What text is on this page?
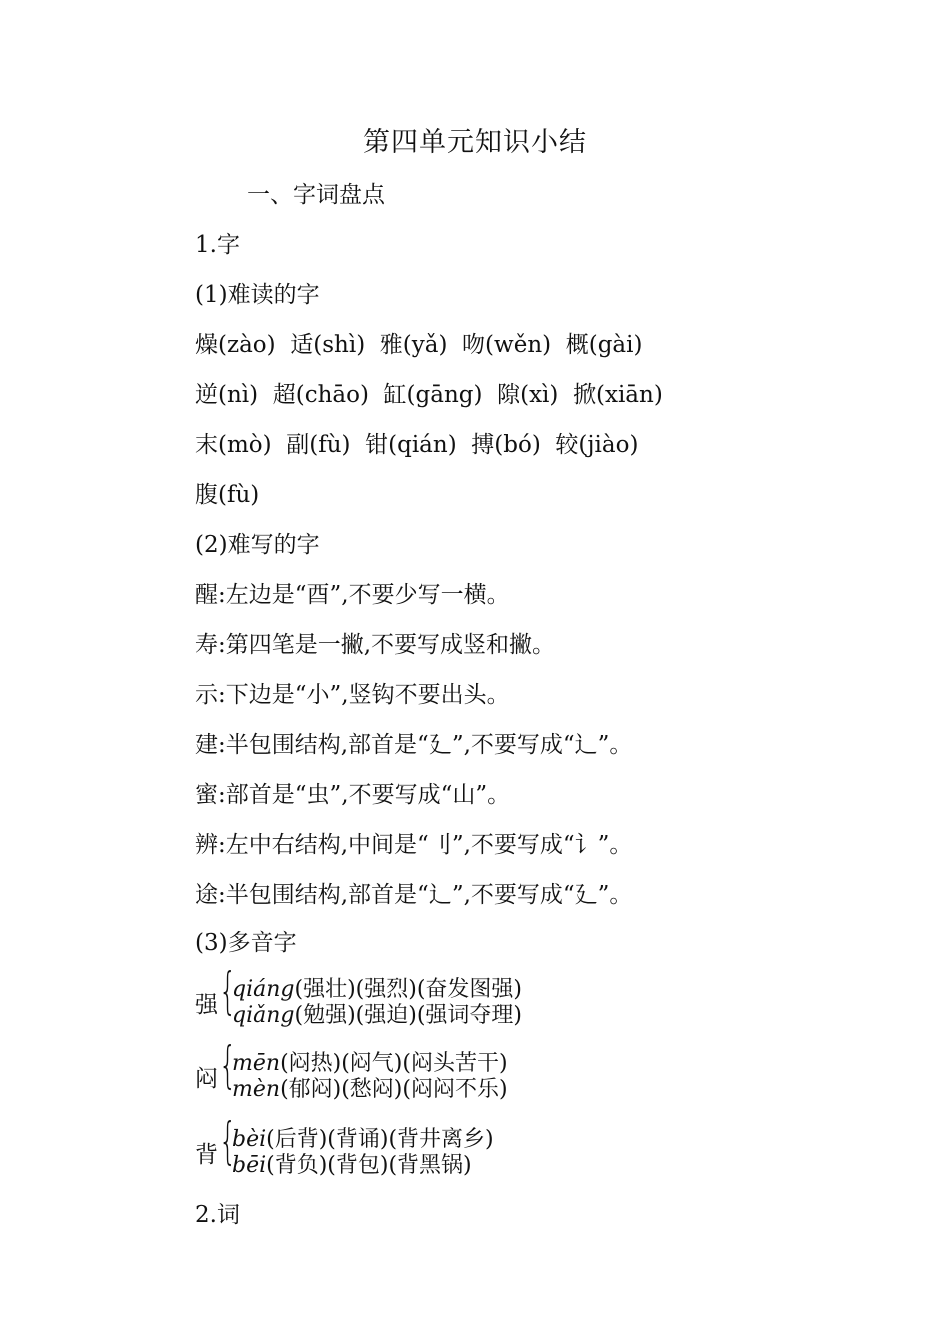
第四单元知识小结
一、字词盘点
1.字
(1)难读的字
燥(zào)  适(shì)  雅(yǎ)  吻(wěn)  概(gài)
逆(nì)  超(chāo)  缸(gāng)  隙(xì)  掀(xiān)
末(mò)  副(fù)  钳(qián)  搏(bó)  较(jiào)
腹(fù)
(2)难写的字
醒:左边是“酉”,不要少写一横。
寿:第四笔是一撇,不要写成竖和撇。
示:下边是“小”,竖钩不要出头。
建:半包围结构,部首是“廴”,不要写成“辶”。
蜜:部首是“虫”,不要写成“山”。
辨:左中右结构,中间是“刂”,不要写成“讠”。
途:半包围结构,部首是“辶”,不要写成“廴”。
(3)多音字
强 {
qiáng(强壮)(强烈)(奋发图强)
qiǎng(勉强)(强迫)(强词夺理)
闷 {
mēn(闷热)(闷气)(闷头苦干)
mèn(郁闷)(愁闷)(闷闷不乐)
背 {
bèi(后背)(背诵)(背井离乡)
bēi(背负)(背包)(背黑锅)
2.词
